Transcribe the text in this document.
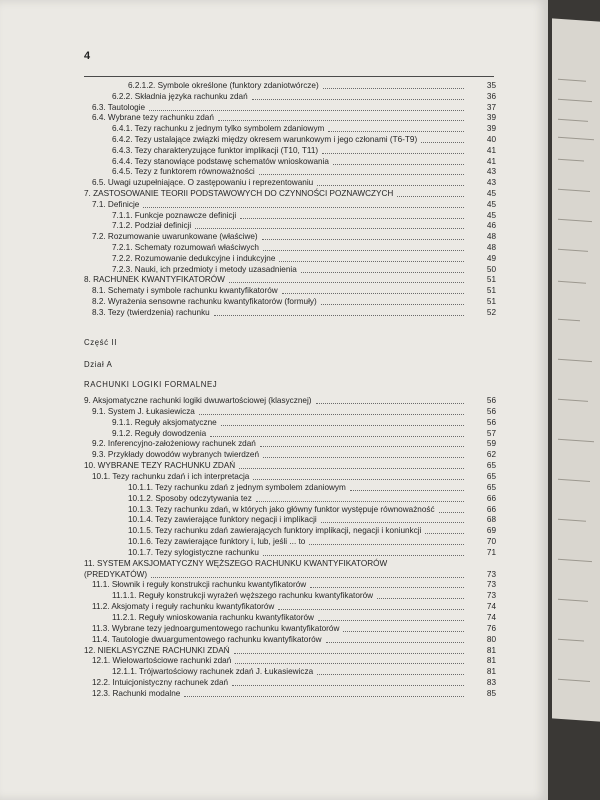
4
6.2.1.2. Symbole określone (funktory zdaniotwórcze)	35
6.2.2. Składnia języka rachunku zdań	36
6.3. Tautologie	37
6.4. Wybrane tezy rachunku zdań	39
6.4.1. Tezy rachunku z jednym tylko symbolem zdaniowym	39
6.4.2. Tezy ustalające związki między okresem warunkowym i jego członami (T6-T9)	40
6.4.3. Tezy charakteryzujące funktor implikacji (T10, T11)	41
6.4.4. Tezy stanowiące podstawę schematów wnioskowania	41
6.4.5. Tezy z funktorem równoważności	43
6.5. Uwagi uzupełniające. O zastępowaniu i reprezentowaniu	43
7. ZASTOSOWANIE TEORII PODSTAWOWYCH DO CZYNNOŚCI POZNAWCZYCH	45
7.1. Definicje	45
7.1.1. Funkcje poznawcze definicji	45
7.1.2. Podział definicji	46
7.2. Rozumowanie uwarunkowane (właściwe)	48
7.2.1. Schematy rozumowań właściwych	48
7.2.2. Rozumowanie dedukcyjne i indukcyjne	49
7.2.3. Nauki, ich przedmioty i metody uzasadnienia	50
8. RACHUNEK KWANTYFIKATORÓW	51
8.1. Schematy i symbole rachunku kwantyfikatorów	51
8.2. Wyrażenia sensowne rachunku kwantyfikatorów (formuły)	51
8.3. Tezy (twierdzenia) rachunku	52
9. Aksjomatyczne rachunki logiki dwuwartościowej (klasycznej)	56
9.1. System J. Łukasiewicza	56
9.1.1. Reguły aksjomatyczne	56
9.1.2. Reguły dowodzenia	57
9.2. Inferencyjno-założeniowy rachunek zdań	59
9.3. Przykłady dowodów wybranych twierdzeń	62
10. WYBRANE TEZY RACHUNKU ZDAŃ	65
10.1. Tezy rachunku zdań i ich interpretacja	65
10.1.1. Tezy rachunku zdań z jednym symbolem zdaniowym	65
10.1.2. Sposoby odczytywania tez	66
10.1.3. Tezy rachunku zdań, w których jako główny funktor występuje równoważność	66
10.1.4. Tezy zawierające funktory negacji i implikacji	68
10.1.5. Tezy rachunku zdań zawierających funktory implikacji, negacji i koniunkcji	69
10.1.6. Tezy zawierające funktory i, lub, jeśli ... to	70
10.1.7. Tezy sylogistyczne rachunku	71
11. SYSTEM AKSJOMATYCZNY WĘŻSZEGO RACHUNKU KWANTYFIKATORÓW
(PREDYKATÓW)	73
11.1. Słownik i reguły konstrukcji rachunku kwantyfikatorów	73
11.1.1. Reguły konstrukcji wyrażeń węższego rachunku kwantyfikatorów	73
11.2. Aksjomaty i reguły rachunku kwantyfikatorów	74
11.2.1. Reguły wnioskowania rachunku kwantyfikatorów	74
11.3. Wybrane tezy jednoargumentowego rachunku kwantyfikatorów	76
11.4. Tautologie dwuargumentowego rachunku kwantyfikatorów	80
12. NIEKLASYCZNE RACHUNKI ZDAŃ	81
12.1. Wielowartościowe rachunki zdań	81
12.1.1. Trójwartościowy rachunek zdań J. Łukasiewicza	81
12.2. Intuicjonistyczny rachunek zdań	83
12.3. Rachunki modalne	85
Część II
Dział A
RACHUNKI LOGIKI FORMALNEJ
